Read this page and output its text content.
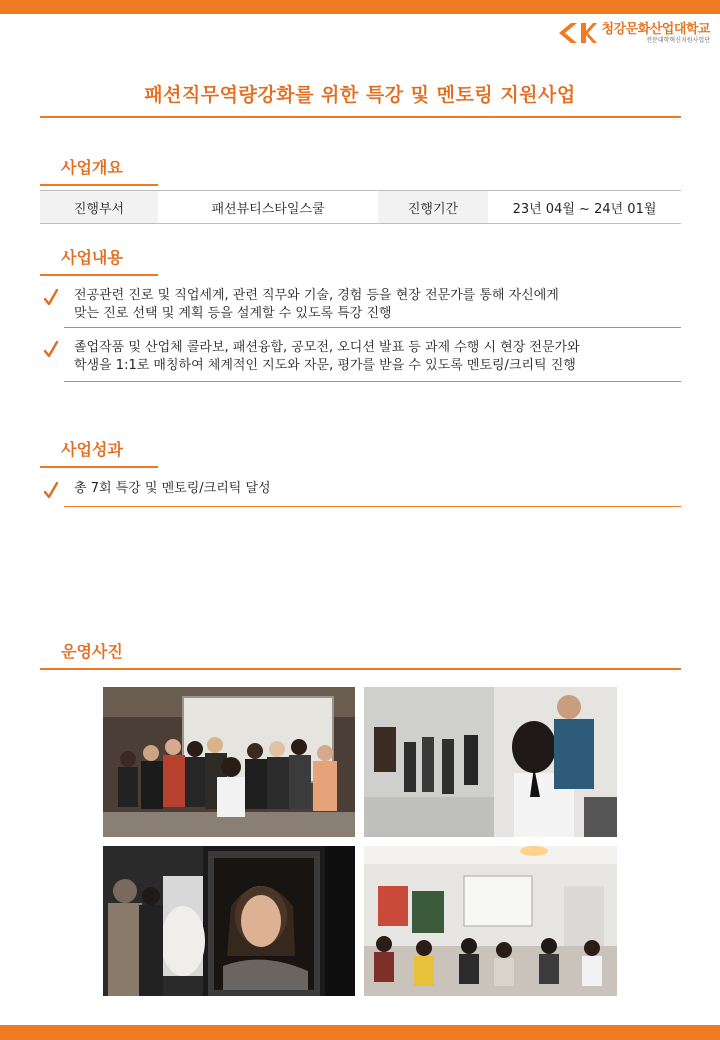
청강문화산업대학교
전문대학혁신지원사업단
패션직무역량강화를 위한 특강 및 멘토링 지원사업
사업개요
진행부서	패션뷰티스타일스쿨	진행기간	23년 04월 ~ 24년 01월
사업내용
전공관련 진로 및 직업세계, 관련 직무와 기술, 경험 등을 현장 전문가를 통해 자신에게
맞는 진로 선택 및 계획 등을 설계할 수 있도록 특강 진행
졸업작품 및 산업체 콜라보, 패션융합, 공모전, 오디션 발표 등 과제 수행 시 현장 전문가와
학생을 1:1로 매칭하여 체계적인 지도와 자문, 평가를 받을 수 있도록 멘토링/크리틱 진행
사업성과
총 7회 특강 및 멘토링/크리틱 달성
운영사진
